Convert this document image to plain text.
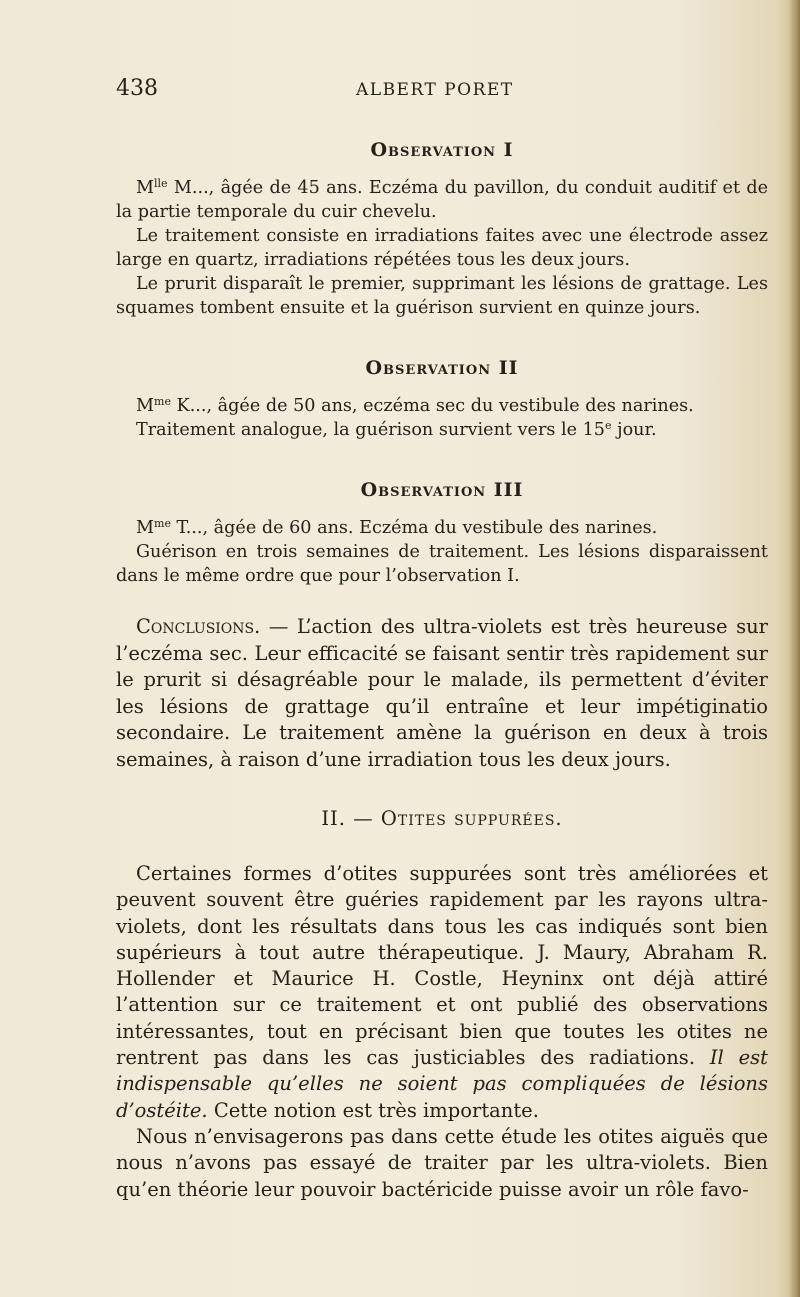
438	ALBERT PORET
Observation I

$M^{lle}$ M..., âgée de 45 ans. Eczéma du pavillon, du conduit auditif et de la partie temporale du cuir chevelu.

Le traitement consiste en irradiations faites avec une électrode assez large en quartz, irradiations répétées tous les deux jours.

Le prurit disparaît le premier, supprimant les lésions de grattage. Les squames tombent ensuite et la guérison survient en quinze jours.

Observation II

$M^{me}$ K..., âgée de 50 ans, eczéma sec du vestibule des narines.

Traitement analogue, la guérison survient vers le 15e jour.

Observation III

$M^{me}$ T..., âgée de 60 ans. Eczéma du vestibule des narines.

Guérison en trois semaines de traitement. Les lésions disparaissent dans le même ordre que pour l’observation I.

Conclusions. — L’action des ultra-violets est très heureuse sur l’eczéma sec. Leur efficacité se faisant sentir très rapidement sur le prurit si désagréable pour le malade, ils permettent d’éviter les lésions de grattage qu’il entraîne et leur impétiginatio secondaire. Le traitement amène la guérison en deux à trois semaines, à raison d’une irradiation tous les deux jours.

II. — Otites suppurées.

Certaines formes d’otites suppurées sont très améliorées et peuvent souvent être guéries rapidement par les rayons ultra-violets, dont les résultats dans tous les cas indiqués sont bien supérieurs à tout autre thérapeutique. J. Maury, Abraham R. Hollender et Maurice H. Costle, Heyninx ont déjà attiré l’attention sur ce traitement et ont publié des observations intéressantes, tout en précisant bien que toutes les otites ne rentrent pas dans les cas justiciables des radiations. Il est indispensable qu’elles ne soient pas compliquées de lésions d’ostéite. Cette notion est très importante.

Nous n’envisagerons pas dans cette étude les otites aiguës que nous n’avons pas essayé de traiter par les ultra-violets. Bien qu’en théorie leur pouvoir bactéricide puisse avoir un rôle favo-
